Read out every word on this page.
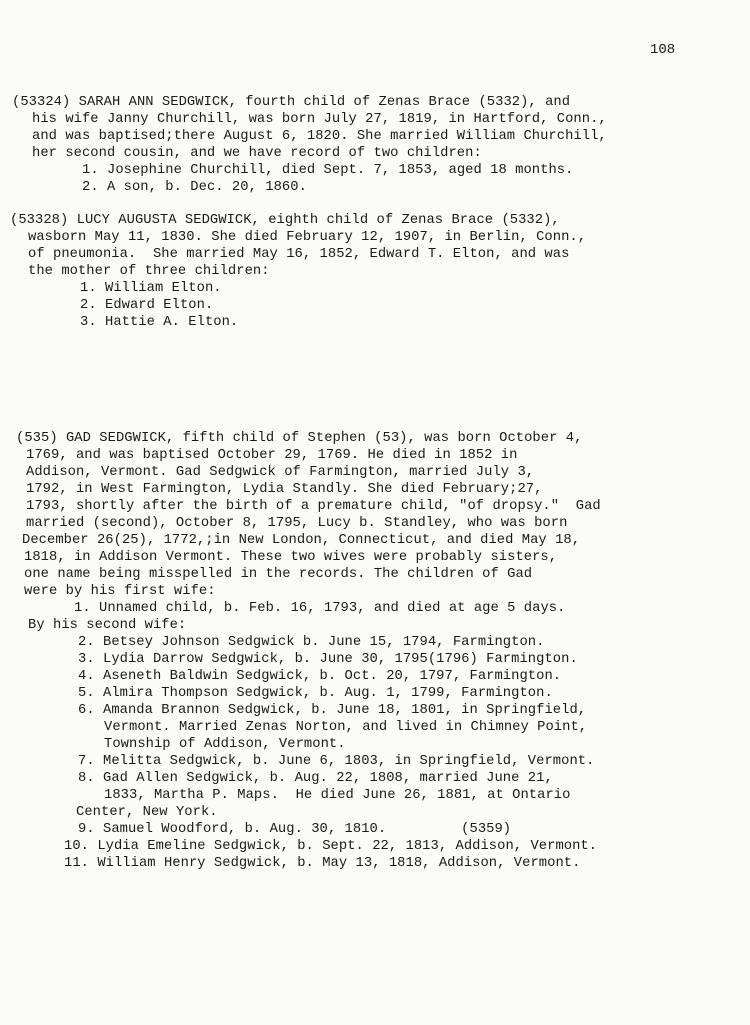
108
(53324) SARAH ANN SEDGWICK, fourth child of Zenas Brace (5332), and
his wife Janny Churchill, was born July 27, 1819, in Hartford, Conn.,
and was baptised;there August 6, 1820. She married William Churchill,
her second cousin, and we have record of two children:
1. Josephine Churchill, died Sept. 7, 1853, aged 18 months.
2. A son, b. Dec. 20, 1860.
(53328) LUCY AUGUSTA SEDGWICK, eighth child of Zenas Brace (5332),
wasborn May 11, 1830. She died February 12, 1907, in Berlin, Conn.,
of pneumonia.  She married May 16, 1852, Edward T. Elton, and was
the mother of three children:
1. William Elton.
2. Edward Elton.
3. Hattie A. Elton.
(535) GAD SEDGWICK, fifth child of Stephen (53), was born October 4,
1769, and was baptised October 29, 1769. He died in 1852 in
Addison, Vermont. Gad Sedgwick of Farmington, married July 3,
1792, in West Farmington, Lydia Standly. She died February;27,
1793, shortly after the birth of a premature child, "of dropsy."  Gad
married (second), October 8, 1795, Lucy b. Standley, who was born
December 26(25), 1772,;in New London, Connecticut, and died May 18,
1818, in Addison Vermont. These two wives were probably sisters,
one name being misspelled in the records. The children of Gad
were by his first wife:
1. Unnamed child, b. Feb. 16, 1793, and died at age 5 days.
By his second wife:
2. Betsey Johnson Sedgwick b. June 15, 1794, Farmington.
3. Lydia Darrow Sedgwick, b. June 30, 1795(1796) Farmington.
4. Aseneth Baldwin Sedgwick, b. Oct. 20, 1797, Farmington.
5. Almira Thompson Sedgwick, b. Aug. 1, 1799, Farmington.
6. Amanda Brannon Sedgwick, b. June 18, 1801, in Springfield,
Vermont. Married Zenas Norton, and lived in Chimney Point,
Township of Addison, Vermont.
7. Melitta Sedgwick, b. June 6, 1803, in Springfield, Vermont.
8. Gad Allen Sedgwick, b. Aug. 22, 1808, married June 21,
1833, Martha P. Maps.  He died June 26, 1881, at Ontario
Center, New York.
9. Samuel Woodford, b. Aug. 30, 1810.         (5359)
10. Lydia Emeline Sedgwick, b. Sept. 22, 1813, Addison, Vermont.
11. William Henry Sedgwick, b. May 13, 1818, Addison, Vermont.
